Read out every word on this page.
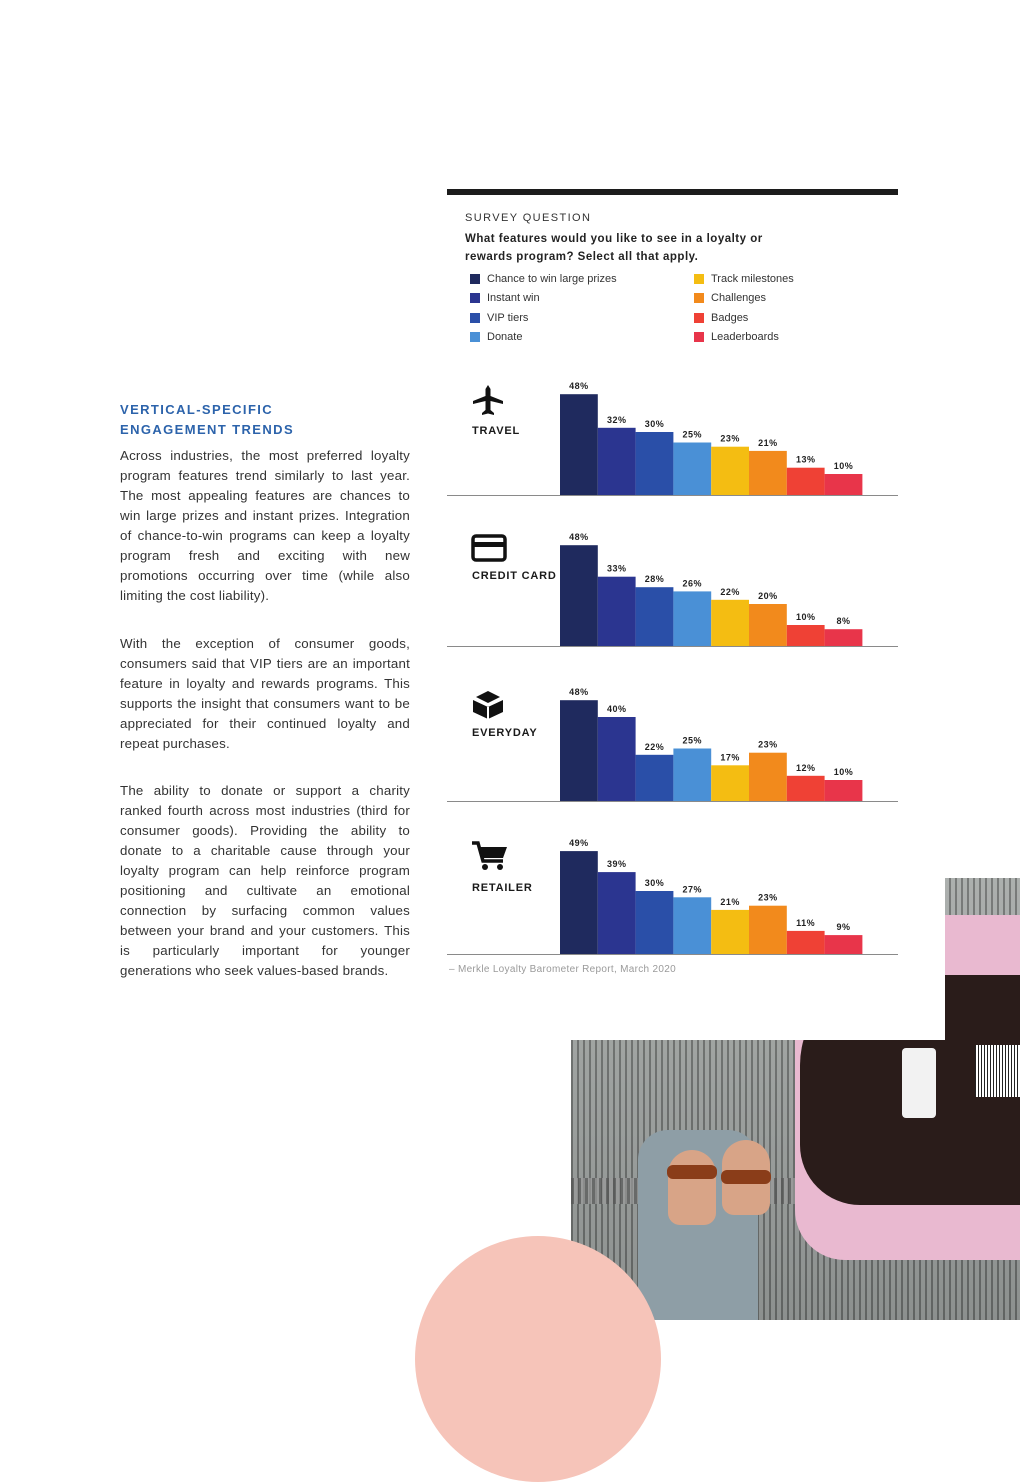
SURVEY QUESTION
What features would you like to see in a loyalty or rewards program? Select all that apply.
Chance to win large prizes
Instant win
VIP tiers
Donate
Track milestones
Challenges
Badges
Leaderboards
VERTICAL-SPECIFIC ENGAGEMENT TRENDS

Across industries, the most preferred loyalty program features trend similarly to last year. The most appealing features are chances to win large prizes and instant prizes. Integration of chance-to-win programs can keep a loyalty program fresh and exciting with new promotions occurring over time (while also limiting the cost liability).

With the exception of consumer goods, consumers said that VIP tiers are an important feature in loyalty and rewards programs. This supports the insight that consumers want to be appreciated for their continued loyalty and repeat purchases.

The ability to donate or support a charity ranked fourth across most industries (third for consumer goods). Providing the ability to donate to a charitable cause through your loyalty program can help reinforce program positioning and cultivate an emotional connection by surfacing common values between your brand and your customers. This is particularly important for younger generations who seek values-based brands.

TRAVEL
48%
32% 30%
25% 23% 21%
13%
10%
CREDIT CARD
48%
33%
28% 26%
22% 20%
10% 8%
EVERYDAY
48%
40%
22%
25%
17%
23%
12% 10%
RETAILER
49%
39%
30%
27%
21% 23%
11% 9%
– Merkle Loyalty Barometer Report, March 2020
